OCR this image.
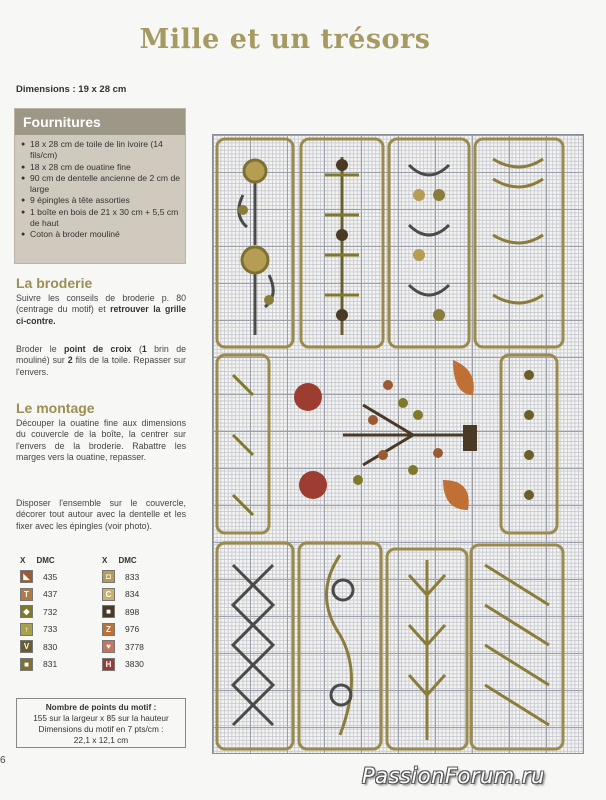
Mille et un trésors
Dimensions : 19 x 28 cm
Fournitures
● 18 x 28 cm de toile de lin ivoire (14 fils/cm)
● 18 x 28 cm de ouatine fine
● 90 cm de dentelle ancienne de 2 cm de large
● 9 épingles à tête assorties
● 1 boîte en bois de 21 x 30 cm + 5,5 cm de haut
● Coton à broder mouliné
La broderie
Suivre les conseils de broderie p. 80 (centrage du motif) et retrouver la grille ci-contre.
Broder le point de croix (1 brin de mouliné) sur 2 fils de la toile. Repasser sur l'envers.
Le montage
Découper la ouatine fine aux dimensions du couvercle de la boîte, la centrer sur l'envers de la broderie. Rabattre les marges vers la ouatine, repasser.
Disposer l'ensemble sur le couvercle, décorer tout autour avec la dentelle et les fixer avec les épingles (voir photo).
X DMC
◣	435
T	437
◆	732
↑	733
V	830
■	831
X DMC
◘	833
C	834
■	898
Z	976
♥	3778
H	3830
Nombre de points du motif :
155 sur la largeur x 85 sur la hauteur
Dimensions du motif en 7 pts/cm :
22,1 x 12,1 cm
6
PassionForum.ru
